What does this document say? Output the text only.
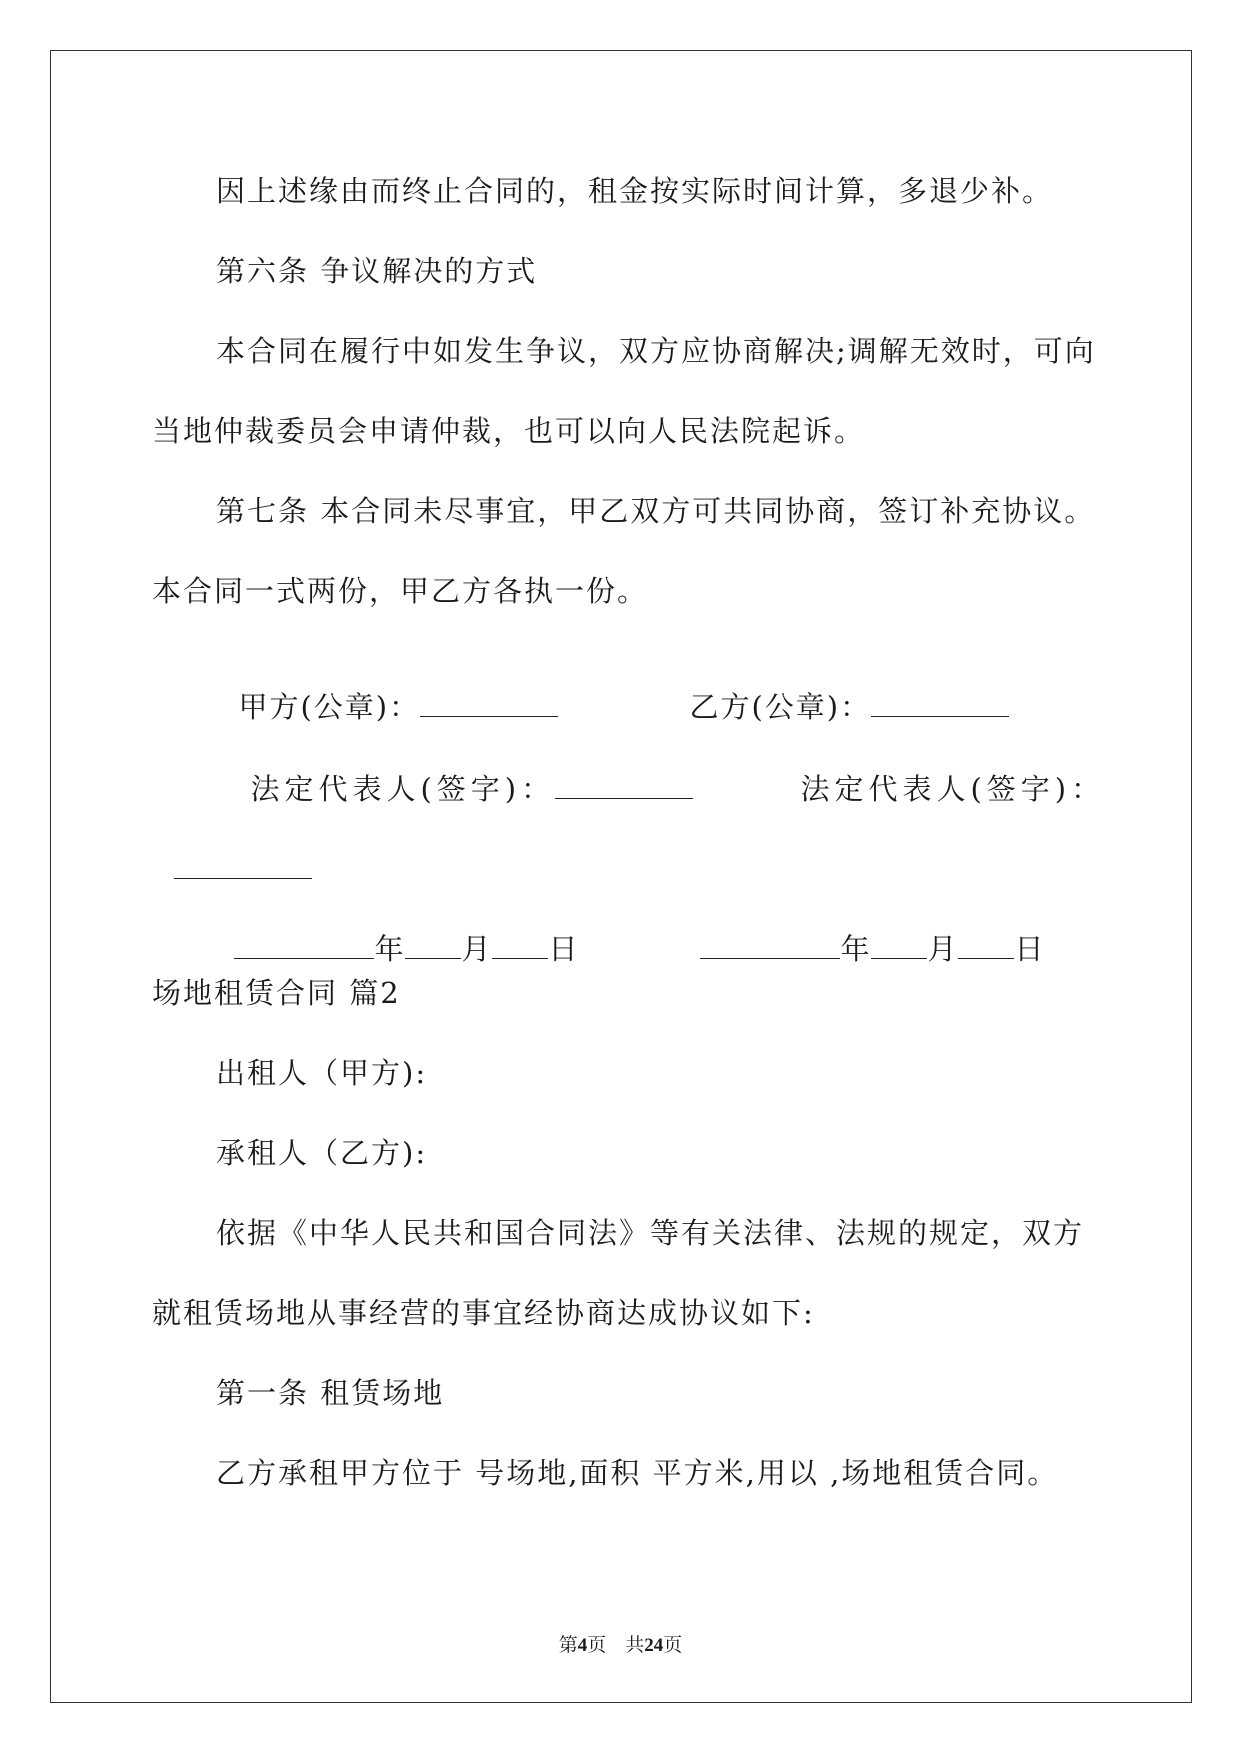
因上述缘由而终止合同的，租金按实际时间计算，多退少补。
第六条 争议解决的方式
本合同在履行中如发生争议，双方应协商解决;调解无效时，可向
当地仲裁委员会申请仲裁，也可以向人民法院起诉。
第七条 本合同未尽事宜，甲乙双方可共同协商，签订补充协议。
本合同一式两份，甲乙方各执一份。

甲方(公章)：	乙方(公章)：

法定代表人(签字)：	法定代表人(签字)：

年 月 日	年 月 日

场地租赁合同 篇2
出租人（甲方):
承租人（乙方):
依据《中华人民共和国合同法》等有关法律、法规的规定，双方
就租赁场地从事经营的事宜经协商达成协议如下:
第一条 租赁场地
乙方承租甲方位于 号场地,面积 平方米,用以 ,场地租赁合同。
第4页 共24页
